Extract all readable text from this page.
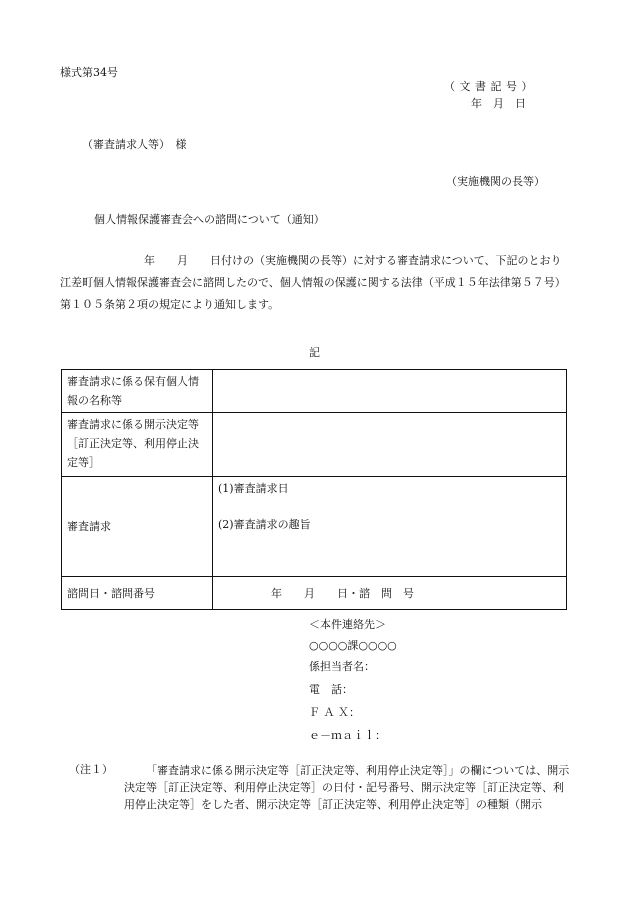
様式第34号
（ 文 書 記 号 ）
年　月　日
（審査請求人等）　様
（実施機関の長等）
個人情報保護審査会への諮問について（通知）
年　　月　　日付けの（実施機関の長等）に対する審査請求について、下記のとおり江差町個人情報保護審査会に諮問したので、個人情報の保護に関する法律（平成１５年法律第５７号）第１０５条第２項の規定により通知します。
記
審査請求に係る保有個人情報の名称等	
審査請求に係る開示決定等［訂正決定等、利用停止決定等］	
審査請求	(1)審査請求日
(2)審査請求の趣旨

諮問日・諮問番号	年　　月　　日・諮　問　号
＜本件連絡先＞
○○○○課○○○○
係担当者名：
電　話：
Ｆ Ａ Ｘ：
ｅ－ｍａｉｌ：
（注１）	「審査請求に係る開示決定等［訂正決定等、利用停止決定等］」の欄については、開示決定等［訂正決定等、利用停止決定等］の日付・記号番号、開示決定等［訂正決定等、利用停止決定等］をした者、開示決定等［訂正決定等、利用停止決定等］の種類（開示
